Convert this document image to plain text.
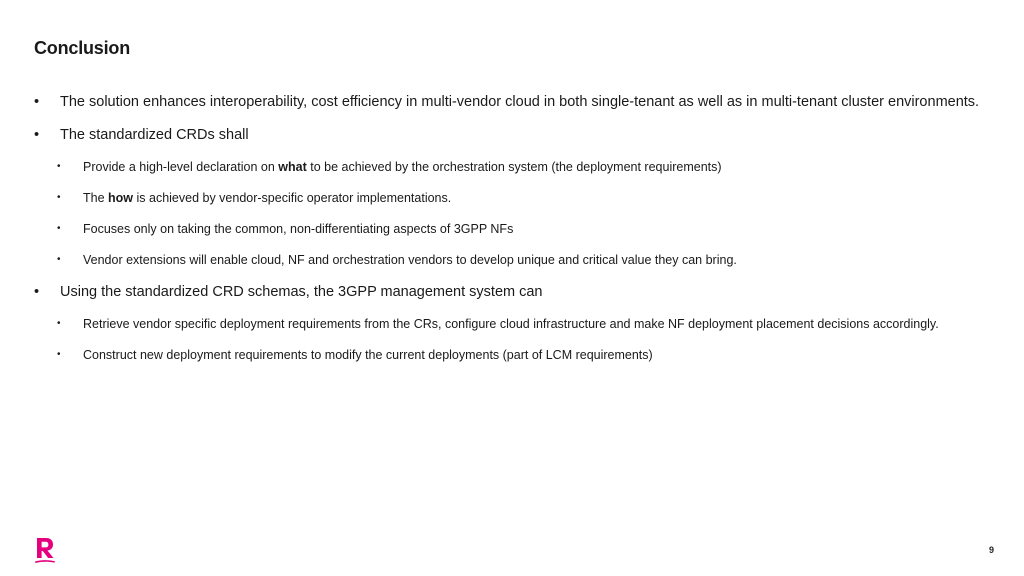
Conclusion
• The solution enhances interoperability, cost efficiency in multi-vendor cloud in both single-tenant as well as in multi-tenant cluster environments.
• The standardized CRDs shall
• Provide a high-level declaration on what to be achieved by the orchestration system (the deployment requirements)
• The how is achieved by vendor-specific operator implementations.
• Focuses only on taking the common, non-differentiating aspects of 3GPP NFs
• Vendor extensions will enable cloud, NF and orchestration vendors to develop unique and critical value they can bring.
• Using the standardized CRD schemas, the 3GPP management system can
• Retrieve vendor specific deployment requirements from the CRs, configure cloud infrastructure and make NF deployment placement decisions accordingly.
• Construct new deployment requirements to modify the current deployments (part of LCM requirements)
9
